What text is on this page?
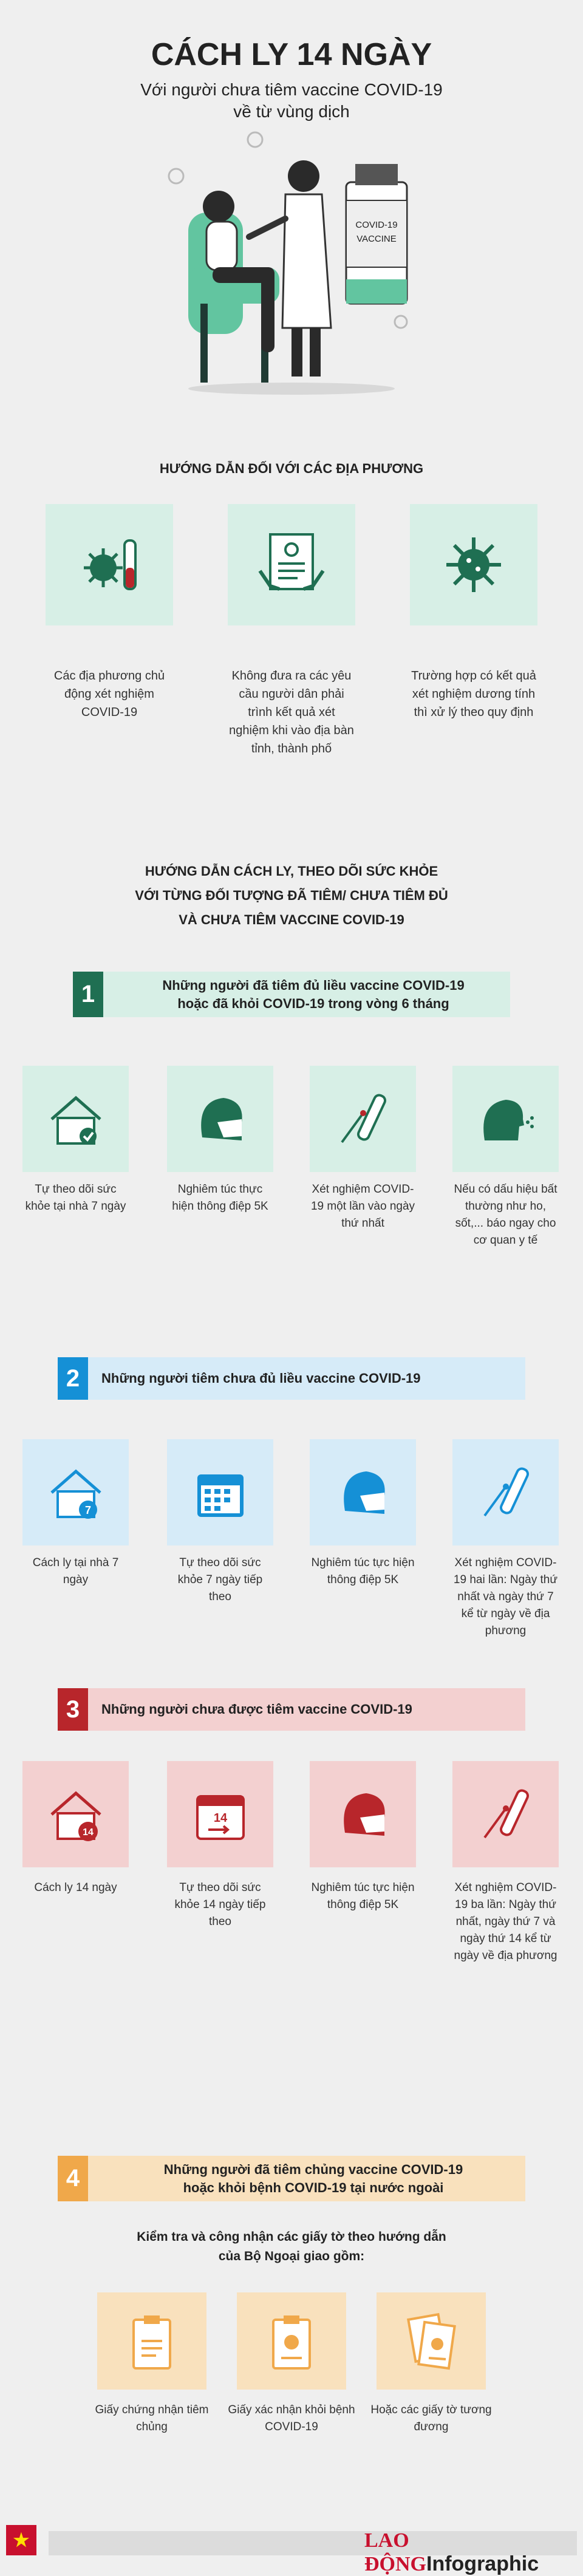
CÁCH LY 14 NGÀY
Với người chưa tiêm vaccine COVID-19
về từ vùng dịch
COVID-19
VACCINE
HƯỚNG DẪN ĐỐI VỚI CÁC ĐỊA PHƯƠNG
Các địa phương chủ động xét nghiệm COVID-19
Không đưa ra các yêu cầu người dân phải trình kết quả xét nghiệm khi vào địa bàn tỉnh, thành phố
Trường hợp có kết quả xét nghiệm dương tính thì xử lý theo quy định
HƯỚNG DẪN CÁCH LY, THEO DÕI SỨC KHỎE
VỚI TỪNG ĐỐI TƯỢNG ĐÃ TIÊM/ CHƯA TIÊM ĐỦ
VÀ CHƯA TIÊM VACCINE COVID-19
1	Những người đã tiêm đủ liều vaccine COVID-19
hoặc đã khỏi COVID-19 trong vòng 6 tháng
Tự theo dõi sức khỏe tại nhà 7 ngày
Nghiêm túc thực hiện thông điệp 5K
Xét nghiệm COVID-19 một lần vào ngày thứ nhất
Nếu có dấu hiệu bất thường như ho, sốt,... báo ngay cho cơ quan y tế
2	Những người tiêm chưa đủ liều vaccine COVID-19
7
Cách ly tại nhà 7 ngày
Tự theo dõi sức khỏe 7 ngày tiếp theo
Nghiêm túc tực hiện thông điệp 5K
Xét nghiệm COVID-19 hai lần: Ngày thứ nhất và ngày thứ 7 kể từ ngày về địa phương
3	Những người chưa được tiêm vaccine COVID-19
14
14
Cách ly 14 ngày	Tự theo dõi sức khỏe 14 ngày tiếp theo
Nghiêm túc tực hiện thông điệp 5K
Xét nghiệm COVID-19 ba lần: Ngày thứ nhất, ngày thứ 7 và ngày thứ 14 kể từ ngày về địa phương
4	Những người đã tiêm chủng vaccine COVID-19
hoặc khỏi bệnh COVID-19 tại nước ngoài
Kiểm tra và công nhận các giấy tờ theo hướng dẫn
của Bộ Ngoại giao gồm:
Giấy chứng nhận tiêm chủng
Giấy xác nhận khỏi bệnh COVID-19
Hoặc các giấy tờ tương đương
★	LAO ĐỘNGInfographic
